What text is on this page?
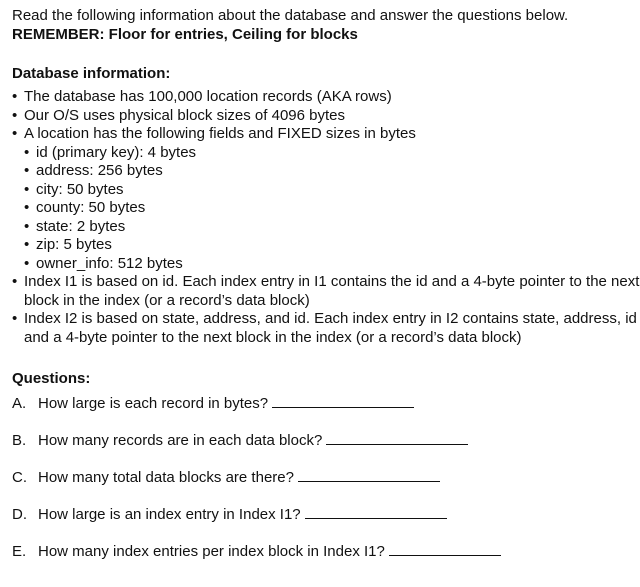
Read the following information about the database and answer the questions below.

REMEMBER: Floor for entries, Ceiling for blocks

Database information:

• The database has 100,000 location records (AKA rows)
• Our O/S uses physical block sizes of 4096 bytes
• A location has the following fields and FIXED sizes in bytes
• id (primary key): 4 bytes
• address: 256 bytes
• city: 50 bytes
• county: 50 bytes
• state: 2 bytes
• zip: 5 bytes
• owner_info: 512 bytes
• Index I1 is based on id. Each index entry in I1 contains the id and a 4-byte pointer to the next block in the index (or a record’s data block)
• Index I2 is based on state, address, and id. Each index entry in I2 contains state, address, id and a 4-byte pointer to the next block in the index (or a record’s data block)

Questions:

A. How large is each record in bytes?

B. How many records are in each data block?

C. How many total data blocks are there?

D. How large is an index entry in Index I1?

E. How many index entries per index block in Index I1?
